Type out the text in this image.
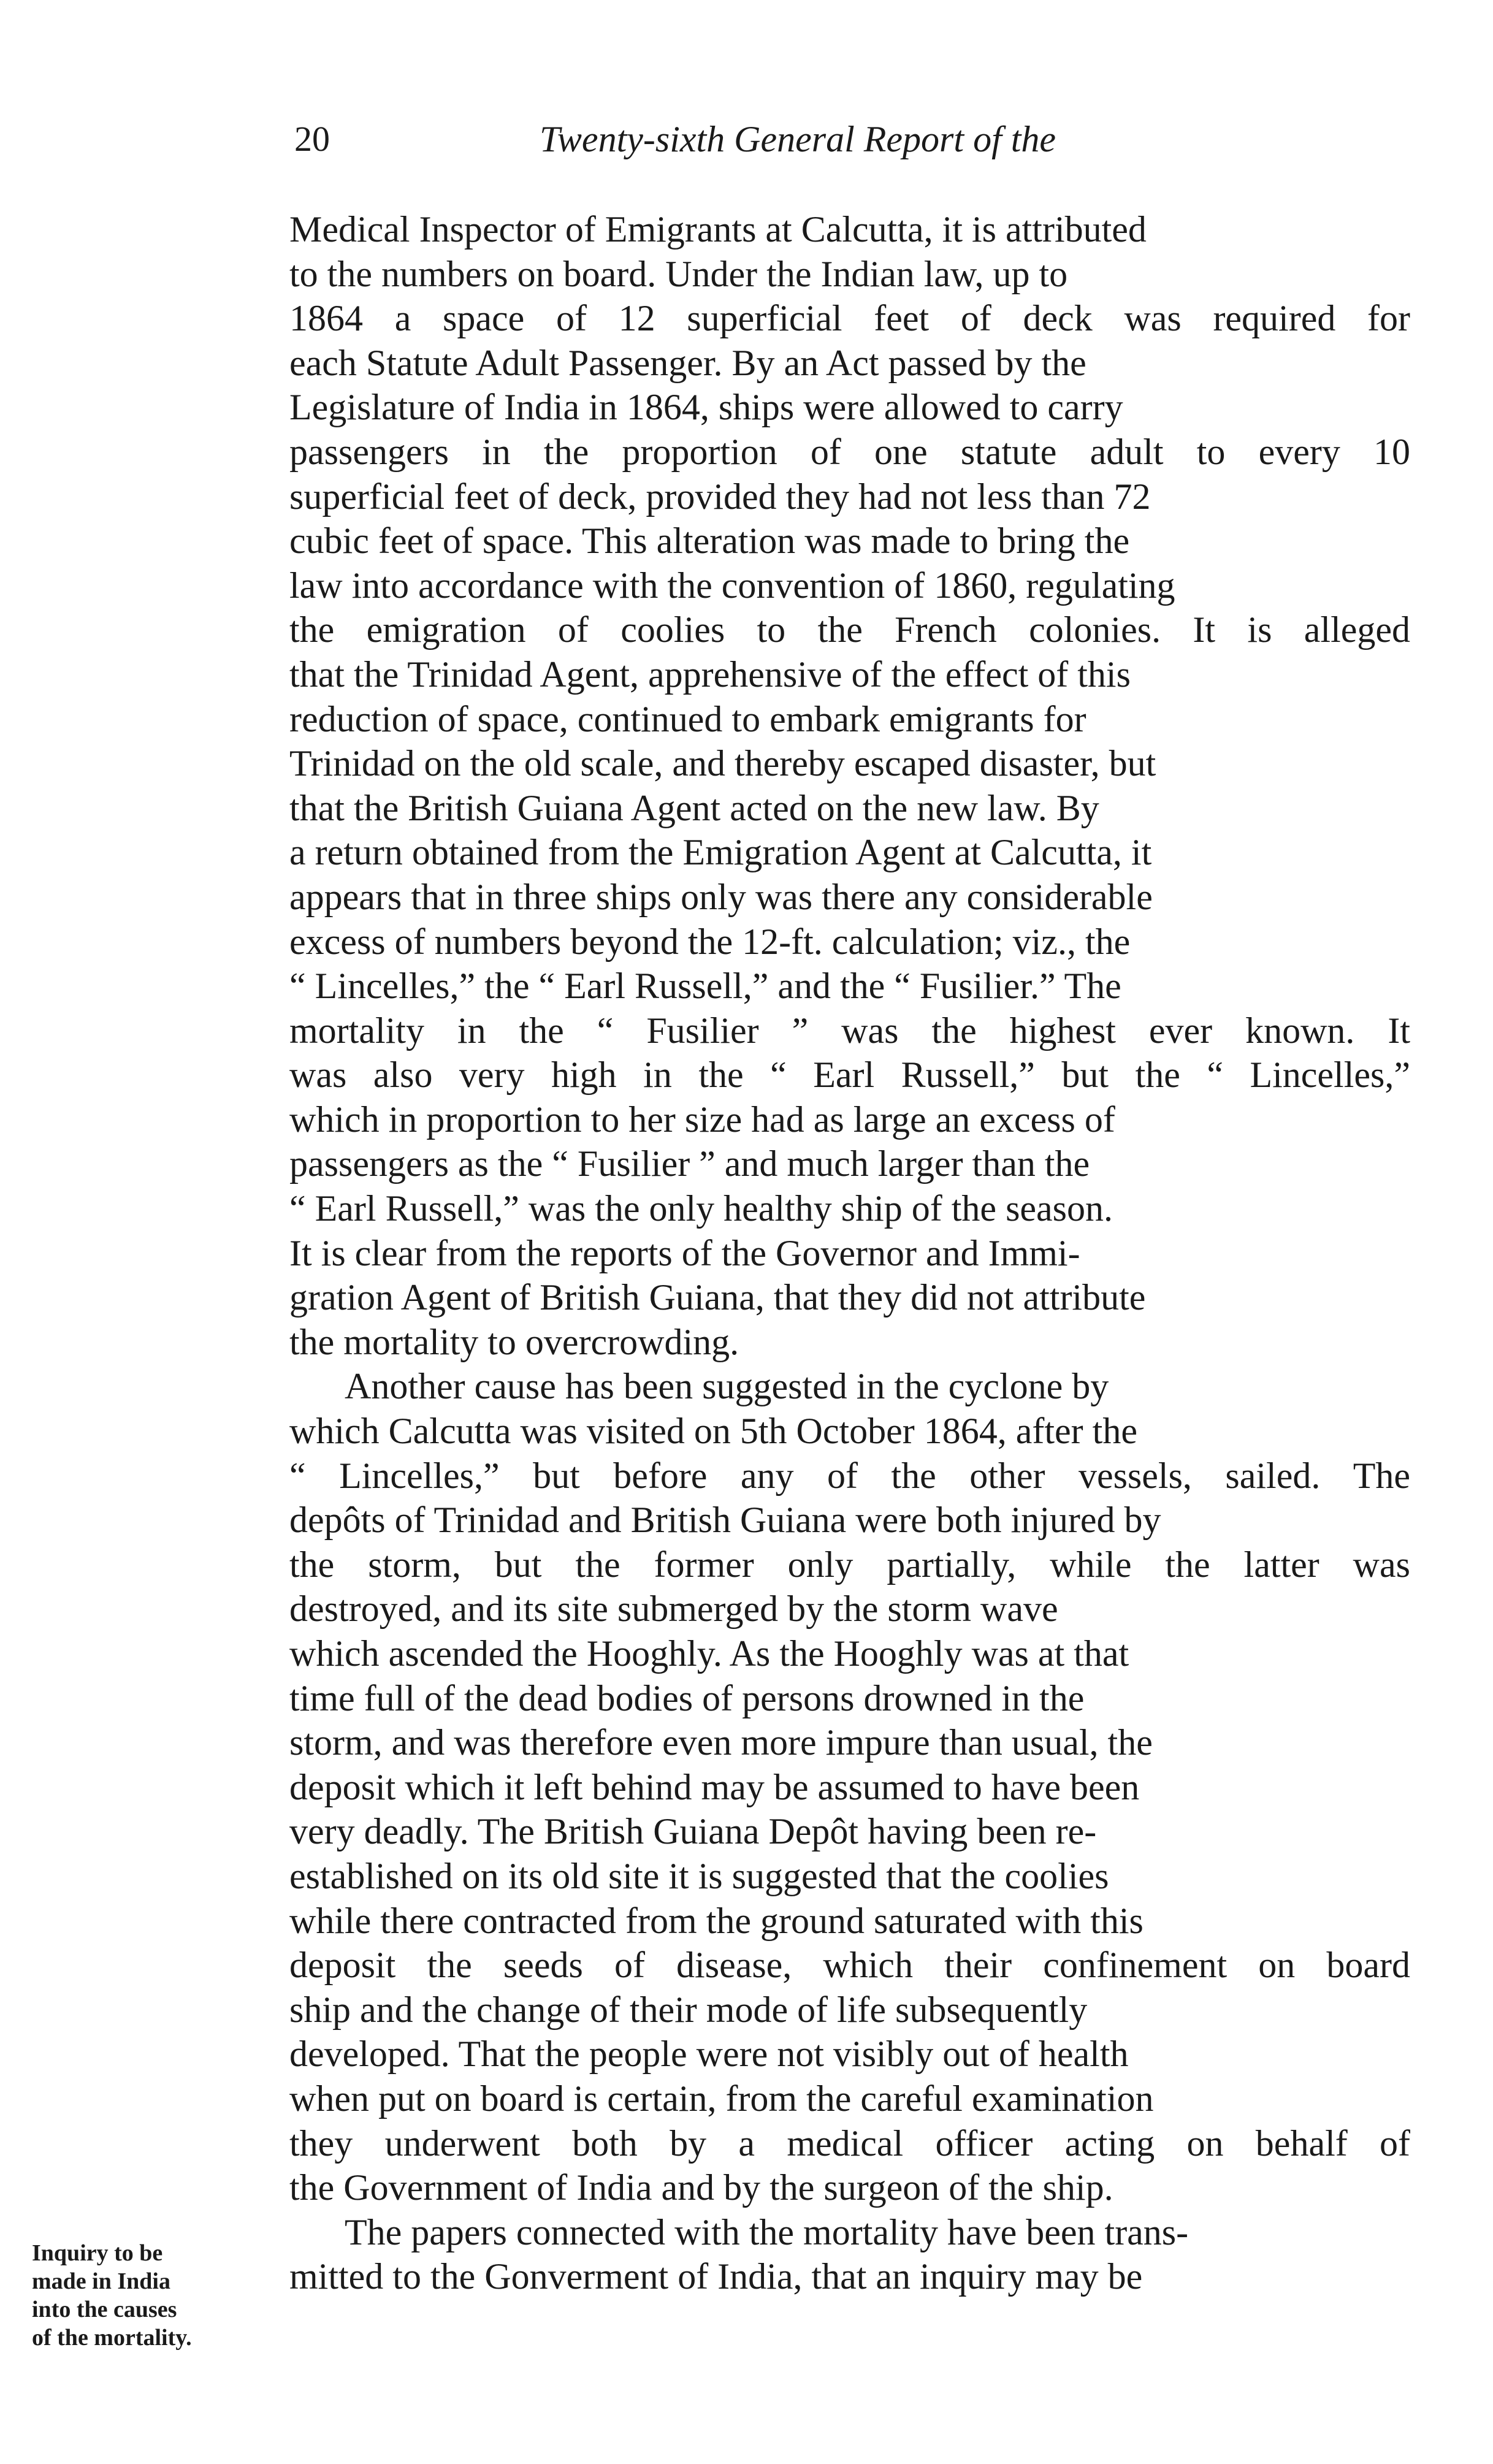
20	Twenty-sixth General Report of the

Medical Inspector of Emigrants at Calcutta, it is attributed
to the numbers on board. Under the Indian law, up to
1864 a space of 12 superficial feet of deck was required for
each Statute Adult Passenger. By an Act passed by the
Legislature of India in 1864, ships were allowed to carry
passengers in the proportion of one statute adult to every 10
superficial feet of deck, provided they had not less than 72
cubic feet of space. This alteration was made to bring the
law into accordance with the convention of 1860, regulating
the emigration of coolies to the French colonies. It is alleged
that the Trinidad Agent, apprehensive of the effect of this
reduction of space, continued to embark emigrants for
Trinidad on the old scale, and thereby escaped disaster, but
that the British Guiana Agent acted on the new law. By
a return obtained from the Emigration Agent at Calcutta, it
appears that in three ships only was there any considerable
excess of numbers beyond the 12-ft. calculation; viz., the
“ Lincelles,” the “ Earl Russell,” and the “ Fusilier.” The
mortality in the “ Fusilier ” was the highest ever known. It
was also very high in the “ Earl Russell,” but the “ Lincelles,”
which in proportion to her size had as large an excess of
passengers as the “ Fusilier ” and much larger than the
“ Earl Russell,” was the only healthy ship of the season.
It is clear from the reports of the Governor and Immi-
gration Agent of British Guiana, that they did not attribute
the mortality to overcrowding.

Another cause has been suggested in the cyclone by
which Calcutta was visited on 5th October 1864, after the
“ Lincelles,” but before any of the other vessels, sailed. The
depôts of Trinidad and British Guiana were both injured by
the storm, but the former only partially, while the latter was
destroyed, and its site submerged by the storm wave
which ascended the Hooghly. As the Hooghly was at that
time full of the dead bodies of persons drowned in the
storm, and was therefore even more impure than usual, the
deposit which it left behind may be assumed to have been
very deadly. The British Guiana Depôt having been re-
established on its old site it is suggested that the coolies
while there contracted from the ground saturated with this
deposit the seeds of disease, which their confinement on board
ship and the change of their mode of life subsequently
developed. That the people were not visibly out of health
when put on board is certain, from the careful examination
they underwent both by a medical officer acting on behalf of
the Government of India and by the surgeon of the ship.

The papers connected with the mortality have been trans-
mitted to the Gonverment of India, that an inquiry may be

Inquiry to be
made in India
into the causes
of the mortality.
